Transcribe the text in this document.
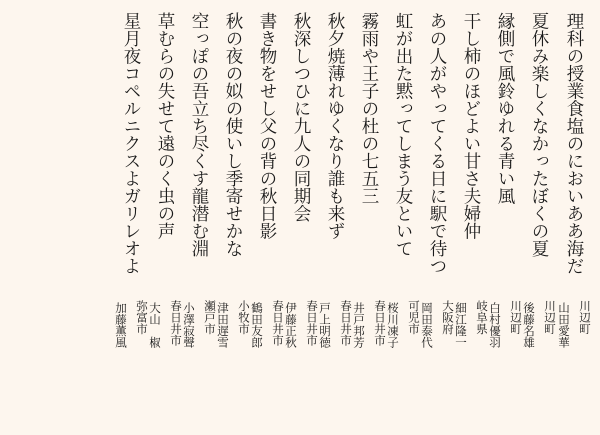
理科の授業食塩のにおいああ海だ
川辺町
山田愛華
夏休み楽しくなかったぼくの夏
川辺町
後藤名雄
縁側で風鈴ゆれる青い風
川辺町
白村優羽
干し柿のほどよい甘さ夫婦仲
岐阜県
細江隆一
あの人がやってくる日に駅で待つ
大阪府
岡田泰代
虹が出た黙ってしまう友といて
可児市
桜川凍子
霧雨や王子の杜の七五三
春日井市
井戸邦芳
秋夕焼薄れゆくなり誰も来ず
春日井市
戸上明徳
秋深しつひに九人の同期会
春日井市
伊藤正秋
書き物をせし父の背の秋日影
春日井市
鶴田友郎
秋の夜の姒の使いし季寄せかな
小牧市
津田遅雪
空っぽの吾立ち尽くす龍潜む淵
瀬戸市
小澤寂聲
草むらの失せて遠のく虫の声
春日井市
大山　椒
星月夜コペルニクスよガリレオよ
弥富市
加藤薫風
